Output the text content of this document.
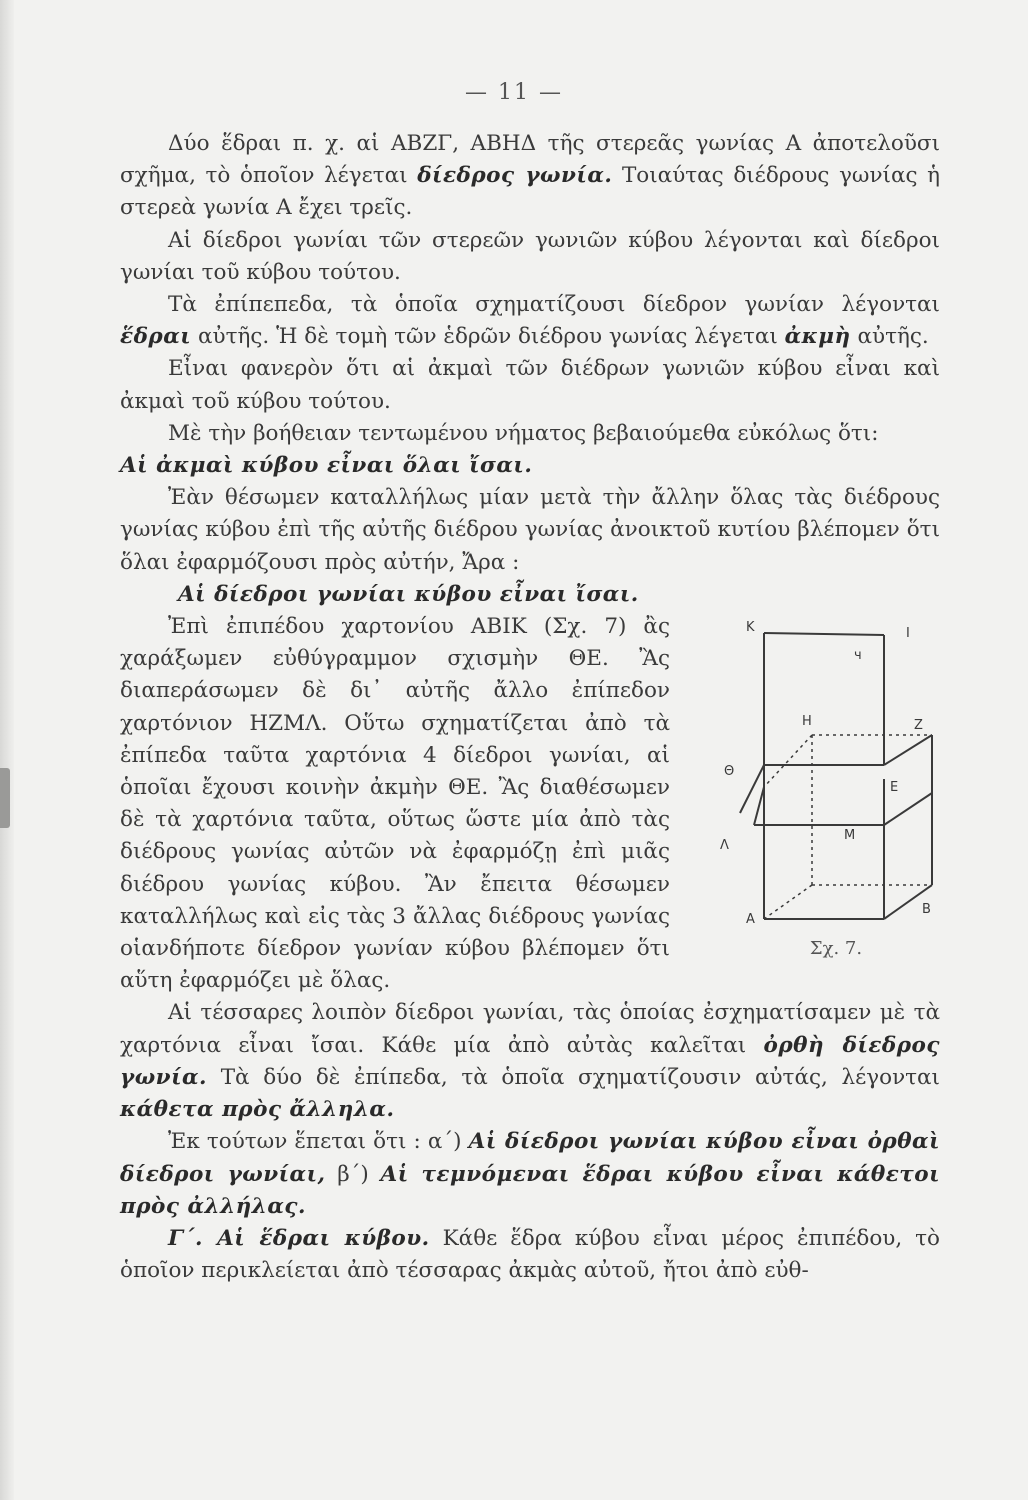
— 11 —

Δύο ἕδραι π. χ. αἱ ΑΒΖΓ, ΑΒΗΔ τῆς στερεᾶς γωνίας Α ἀποτελοῦσι σχῆμα, τὸ ὁποῖον λέγεται δίεδρος γωνία. Τοιαύτας διέδρους γωνίας ἡ στερεὰ γωνία Α ἔχει τρεῖς.

Αἱ δίεδροι γωνίαι τῶν στερεῶν γωνιῶν κύβου λέγονται καὶ δίεδροι γωνίαι τοῦ κύβου τούτου.

Τὰ ἐπίπεπεδα, τὰ ὁποῖα σχηματίζουσι δίεδρον γωνίαν λέγονται ἕδραι αὐτῆς. Ἡ δὲ τομὴ τῶν ἑδρῶν διέδρου γωνίας λέγεται ἀκμὴ αὐτῆς.

Εἶναι φανερὸν ὅτι αἱ ἀκμαὶ τῶν διέδρων γωνιῶν κύβου εἶναι καὶ ἀκμαὶ τοῦ κύβου τούτου.

Μὲ τὴν βοήθειαν τεντωμένου νήματος βεβαιούμεθα εὐκόλως ὅτι:

Αἱ ἀκμαὶ κύβου εἶναι ὅλαι ἴσαι.

Ἐὰν θέσωμεν καταλλήλως μίαν μετὰ τὴν ἄλλην ὅλας τὰς διέδρους γωνίας κύβου ἐπὶ τῆς αὐτῆς διέδρου γωνίας ἀνοικτοῦ κυτίου βλέπομεν ὅτι ὅλαι ἐφαρμόζουσι πρὸς αὐτήν, Ἄρα :

Αἱ δίεδροι γωνίαι κύβου εἶναι ἴσαι.

K	I
ч
H	Z
Θ
E
Λ
M
A
B
Σχ. 7.
Ἐπὶ ἐπιπέδου χαρτονίου ΑΒΙΚ (Σχ. 7) ἂς χαράξωμεν εὐθύγραμμον σχισμὴν ΘΕ. Ἂς διαπεράσωμεν δὲ δι᾿ αὐτῆς ἄλλο ἐπίπεδον χαρτόνιον ΗΖΜΛ. Οὕτω σχηματίζεται ἀπὸ τὰ ἐπίπεδα ταῦτα χαρτόνια 4 δίεδροι γωνίαι, αἱ ὁποῖαι ἔχουσι κοινὴν ἀκμὴν ΘΕ. Ἂς διαθέσωμεν δὲ τὰ χαρτόνια ταῦτα, οὕτως ὥστε μία ἀπὸ τὰς διέδρους γωνίας αὐτῶν νὰ ἐφαρμόζῃ ἐπὶ μιᾶς διέδρου γωνίας κύβου. Ἂν ἔπειτα θέσωμεν καταλλήλως καὶ εἰς τὰς 3 ἄλλας διέδρους γωνίας οἱανδήποτε δίεδρον γωνίαν κύβου βλέπομεν ὅτι αὕτη ἐφαρμόζει μὲ ὅλας.

Αἱ τέσσαρες λοιπὸν δίεδροι γωνίαι, τὰς ὁποίας ἐσχηματίσαμεν μὲ τὰ χαρτόνια εἶναι ἴσαι. Κάθε μία ἀπὸ αὐτὰς καλεῖται ὀρθὴ δίεδρος γωνία. Τὰ δύο δὲ ἐπίπεδα, τὰ ὁποῖα σχηματίζουσιν αὐτάς, λέγονται κάθετα πρὸς ἄλληλα.

Ἐκ τούτων ἕπεται ὅτι : α΄) Αἱ δίεδροι γωνίαι κύβου εἶναι ὀρθαὶ δίεδροι γωνίαι, β΄) Αἱ τεμνόμεναι ἕδραι κύβου εἶναι κάθετοι πρὸς ἀλλήλας.

Γ΄. Αἱ ἕδραι κύβου. Κάθε ἕδρα κύβου εἶναι μέρος ἐπιπέδου, τὸ ὁποῖον περικλείεται ἀπὸ τέσσαρας ἀκμὰς αὐτοῦ, ἤτοι ἀπὸ εὐθ-
